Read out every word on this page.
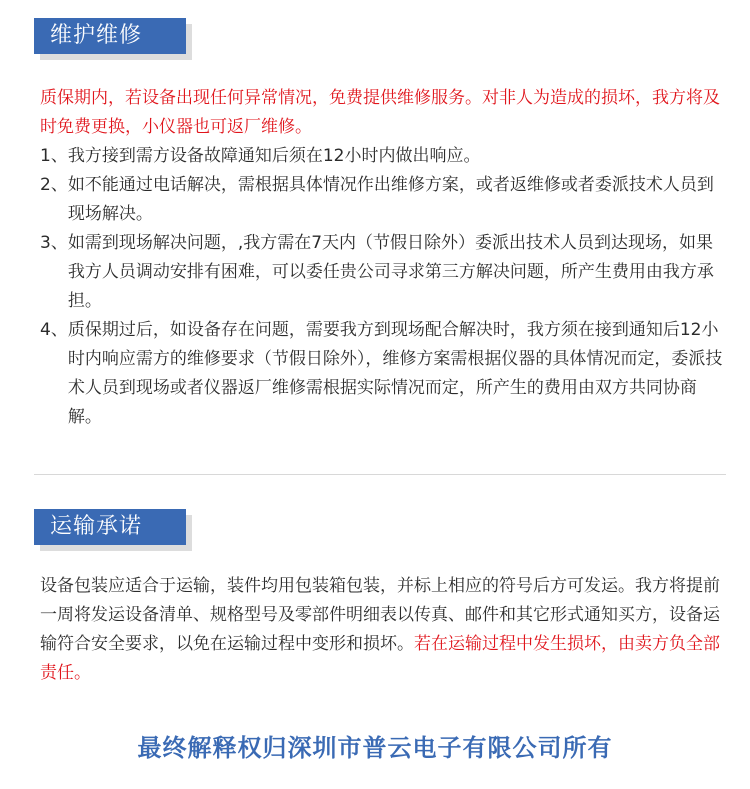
维护维修
质保期内，若设备出现任何异常情况，免费提供维修服务。对非人为造成的损坏，我方将及时免费更换，小仪器也可返厂维修。
1、 我方接到需方设备故障通知后须在12小时内做出响应。
2、 如不能通过电话解决，需根据具体情况作出维修方案，或者返维修或者委派技术人员到现场解决。
3、 如需到现场解决问题，,我方需在7天内（节假日除外）委派出技术人员到达现场，如果我方人员调动安排有困难，可以委任贵公司寻求第三方解决问题，所产生费用由我方承担。
4、 质保期过后，如设备存在问题，需要我方到现场配合解决时，我方须在接到通知后12小时内响应需方的维修要求（节假日除外），维修方案需根据仪器的具体情况而定，委派技术人员到现场或者仪器返厂维修需根据实际情况而定，所产生的费用由双方共同协商解。
运输承诺
设备包装应适合于运输，装件均用包装箱包装，并标上相应的符号后方可发运。我方将提前一周将发运设备清单、规格型号及零部件明细表以传真、邮件和其它形式通知买方，设备运输符合安全要求，以免在运输过程中变形和损坏。若在运输过程中发生损坏，由卖方负全部责任。
最终解释权归深圳市普云电子有限公司所有
